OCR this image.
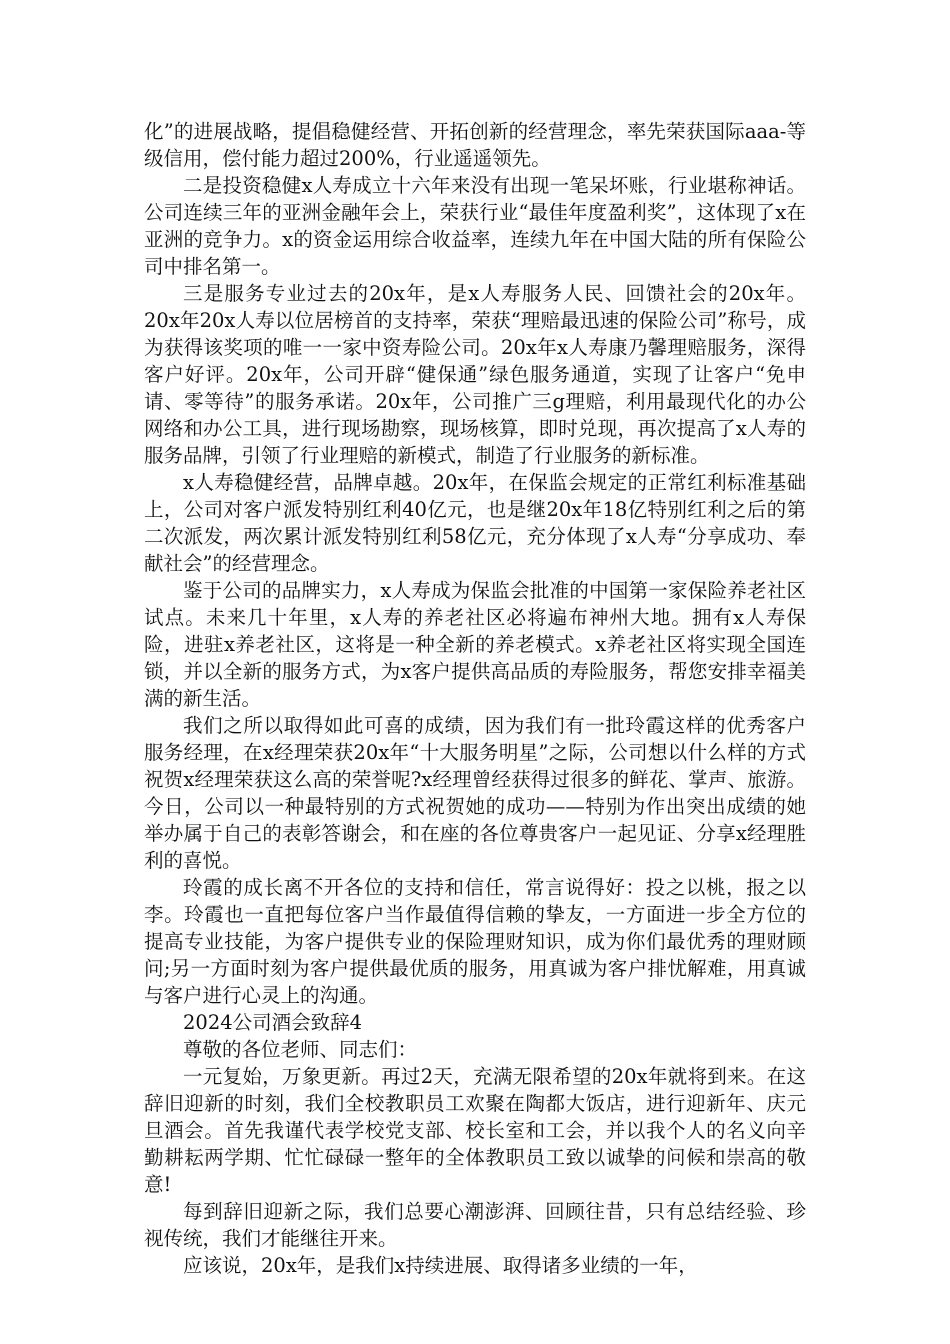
化”的进展战略，提倡稳健经营、开拓创新的经营理念，率先荣获国际aaa-等级信用，偿付能力超过200%，行业遥遥领先。

二是投资稳健x人寿成立十六年来没有出现一笔呆坏账，行业堪称神话。公司连续三年的亚洲金融年会上，荣获行业“最佳年度盈利奖”，这体现了x在亚洲的竞争力。x的资金运用综合收益率，连续九年在中国大陆的所有保险公司中排名第一。

三是服务专业过去的20x年，是x人寿服务人民、回馈社会的20x年。20x年20x人寿以位居榜首的支持率，荣获“理赔最迅速的保险公司”称号，成为获得该奖项的唯一一家中资寿险公司。20x年x人寿康乃馨理赔服务，深得客户好评。20x年，公司开辟“健保通”绿色服务通道，实现了让客户“免申请、零等待”的服务承诺。20x年，公司推广三g理赔，利用最现代化的办公网络和办公工具，进行现场勘察，现场核算，即时兑现，再次提高了x人寿的服务品牌，引领了行业理赔的新模式，制造了行业服务的新标准。

x人寿稳健经营，品牌卓越。20x年，在保监会规定的正常红利标准基础上，公司对客户派发特别红利40亿元，也是继20x年18亿特别红利之后的第二次派发，两次累计派发特别红利58亿元，充分体现了x人寿“分享成功、奉献社会”的经营理念。

鉴于公司的品牌实力，x人寿成为保监会批准的中国第一家保险养老社区试点。未来几十年里，x人寿的养老社区必将遍布神州大地。拥有x人寿保险，进驻x养老社区，这将是一种全新的养老模式。x养老社区将实现全国连锁，并以全新的服务方式，为x客户提供高品质的寿险服务，帮您安排幸福美满的新生活。

我们之所以取得如此可喜的成绩，因为我们有一批玲霞这样的优秀客户服务经理，在x经理荣获20x年“十大服务明星”之际，公司想以什么样的方式祝贺x经理荣获这么高的荣誉呢?x经理曾经获得过很多的鲜花、掌声、旅游。今日，公司以一种最特别的方式祝贺她的成功——特别为作出突出成绩的她举办属于自己的表彰答谢会，和在座的各位尊贵客户一起见证、分享x经理胜利的喜悦。

玲霞的成长离不开各位的支持和信任，常言说得好：投之以桃，报之以李。玲霞也一直把每位客户当作最值得信赖的挚友，一方面进一步全方位的提高专业技能，为客户提供专业的保险理财知识，成为你们最优秀的理财顾问;另一方面时刻为客户提供最优质的服务，用真诚为客户排忧解难，用真诚与客户进行心灵上的沟通。

2024公司酒会致辞4

尊敬的各位老师、同志们：

一元复始，万象更新。再过2天，充满无限希望的20x年就将到来。在这辞旧迎新的时刻，我们全校教职员工欢聚在陶都大饭店，进行迎新年、庆元旦酒会。首先我谨代表学校党支部、校长室和工会，并以我个人的名义向辛勤耕耘两学期、忙忙碌碌一整年的全体教职员工致以诚挚的问候和崇高的敬意!

每到辞旧迎新之际，我们总要心潮澎湃、回顾往昔，只有总结经验、珍视传统，我们才能继往开来。

应该说，20x年，是我们x持续进展、取得诸多业绩的一年，
